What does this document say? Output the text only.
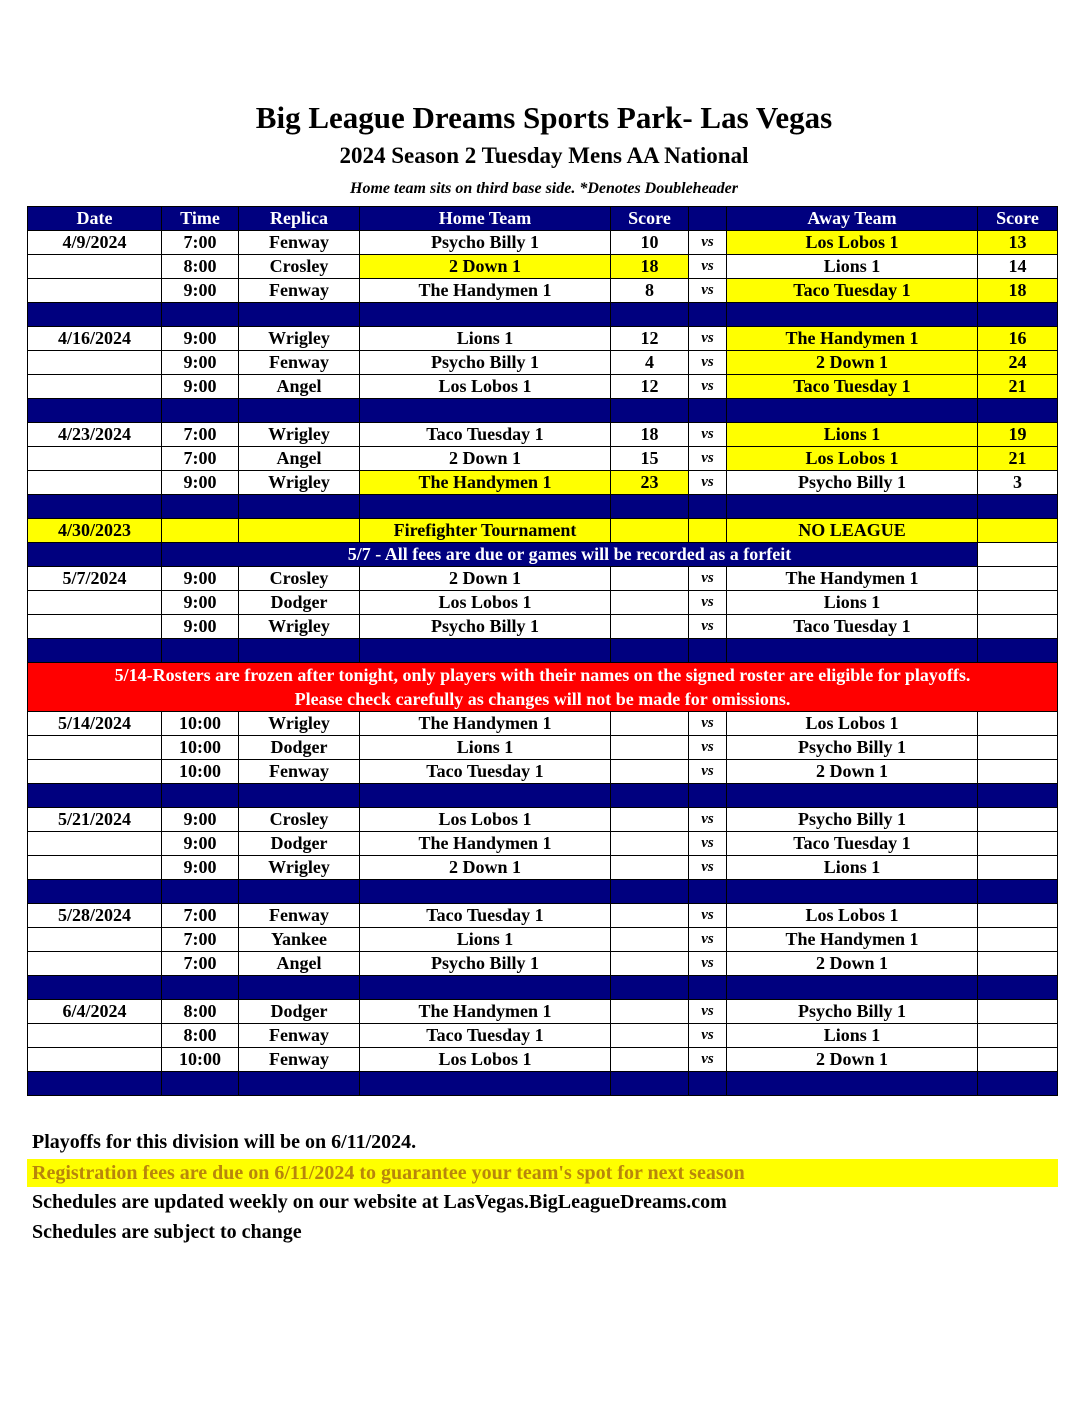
Big League Dreams Sports Park- Las Vegas
2024 Season 2 Tuesday Mens AA National
Home team sits on third base side. *Denotes Doubleheader
Date	Time	Replica	Home Team	Score		Away Team	Score
4/9/2024	7:00	Fenway	Psycho Billy 1	10	vs	Los Lobos 1	13
	8:00	Crosley	2 Down 1	18	vs	Lions 1	14
	9:00	Fenway	The Handymen 1	8	vs	Taco Tuesday 1	18

4/16/2024	9:00	Wrigley	Lions 1	12	vs	The Handymen 1	16
	9:00	Fenway	Psycho Billy 1	4	vs	2 Down 1	24
	9:00	Angel	Los Lobos 1	12	vs	Taco Tuesday 1	21

4/23/2024	7:00	Wrigley	Taco Tuesday 1	18	vs	Lions 1	19
	7:00	Angel	2 Down 1	15	vs	Los Lobos 1	21
	9:00	Wrigley	The Handymen 1	23	vs	Psycho Billy 1	3

4/30/2023			Firefighter Tournament			NO LEAGUE	
	5/7 - All fees are due or games will be recorded as a forfeit						
5/7/2024	9:00	Crosley	2 Down 1		vs	The Handymen 1	
	9:00	Dodger	Los Lobos 1		vs	Lions 1	
	9:00	Wrigley	Psycho Billy 1		vs	Taco Tuesday 1	

5/14-Rosters are frozen after tonight, only players with their names on the signed roster are eligible for playoffs.
Please check carefully as changes will not be made for omissions.							

5/14/2024	10:00	Wrigley	The Handymen 1		vs	Los Lobos 1	
	10:00	Dodger	Lions 1		vs	Psycho Billy 1	
	10:00	Fenway	Taco Tuesday 1		vs	2 Down 1	

5/21/2024	9:00	Crosley	Los Lobos 1		vs	Psycho Billy 1	
	9:00	Dodger	The Handymen 1		vs	Taco Tuesday 1	
	9:00	Wrigley	2 Down 1		vs	Lions 1	

5/28/2024	7:00	Fenway	Taco Tuesday 1		vs	Los Lobos 1	
	7:00	Yankee	Lions 1		vs	The Handymen 1	
	7:00	Angel	Psycho Billy 1		vs	2 Down 1	

6/4/2024	8:00	Dodger	The Handymen 1		vs	Psycho Billy 1	
	8:00	Fenway	Taco Tuesday 1		vs	Lions 1	
	10:00	Fenway	Los Lobos 1		vs	2 Down 1	

Playoffs for this division will be on 6/11/2024.
Registration fees are due on 6/11/2024 to guarantee your team's spot for next season
Schedules are updated weekly on our website at LasVegas.BigLeagueDreams.com
Schedules are subject to change
